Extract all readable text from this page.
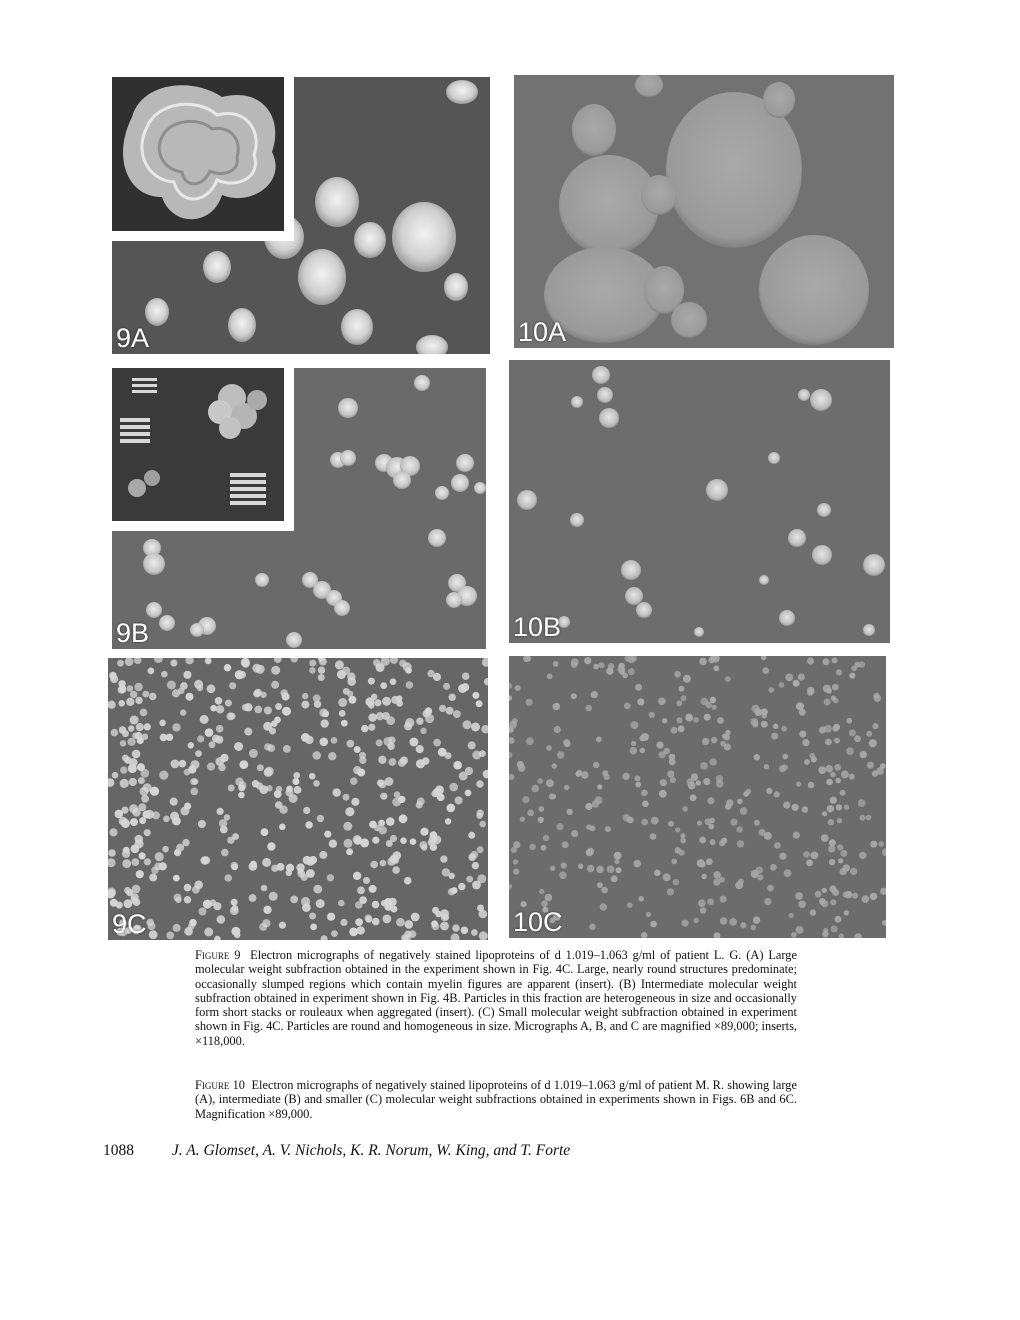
9A	10A
9B	10B
9C	10C

Figure 9 Electron micrographs of negatively stained lipoproteins of d 1.019–1.063 g/ml of patient L. G. (A) Large molecular weight subfraction obtained in the experiment shown in Fig. 4C. Large, nearly round structures predominate; occasionally slumped regions which contain myelin figures are apparent (insert). (B) Intermediate molecular weight subfraction obtained in experiment shown in Fig. 4B. Particles in this fraction are heterogeneous in size and occasionally form short stacks or rouleaux when aggregated (insert). (C) Small molecular weight subfraction obtained in experiment shown in Fig. 4C. Particles are round and homogeneous in size. Micrographs A, B, and C are magnified ×89,000; inserts, ×118,000.

Figure 10 Electron micrographs of negatively stained lipoproteins of d 1.019–1.063 g/ml of patient M. R. showing large (A), intermediate (B) and smaller (C) molecular weight subfractions obtained in experiments shown in Figs. 6B and 6C. Magnification ×89,000.

1088 J. A. Glomset, A. V. Nichols, K. R. Norum, W. King, and T. Forte
